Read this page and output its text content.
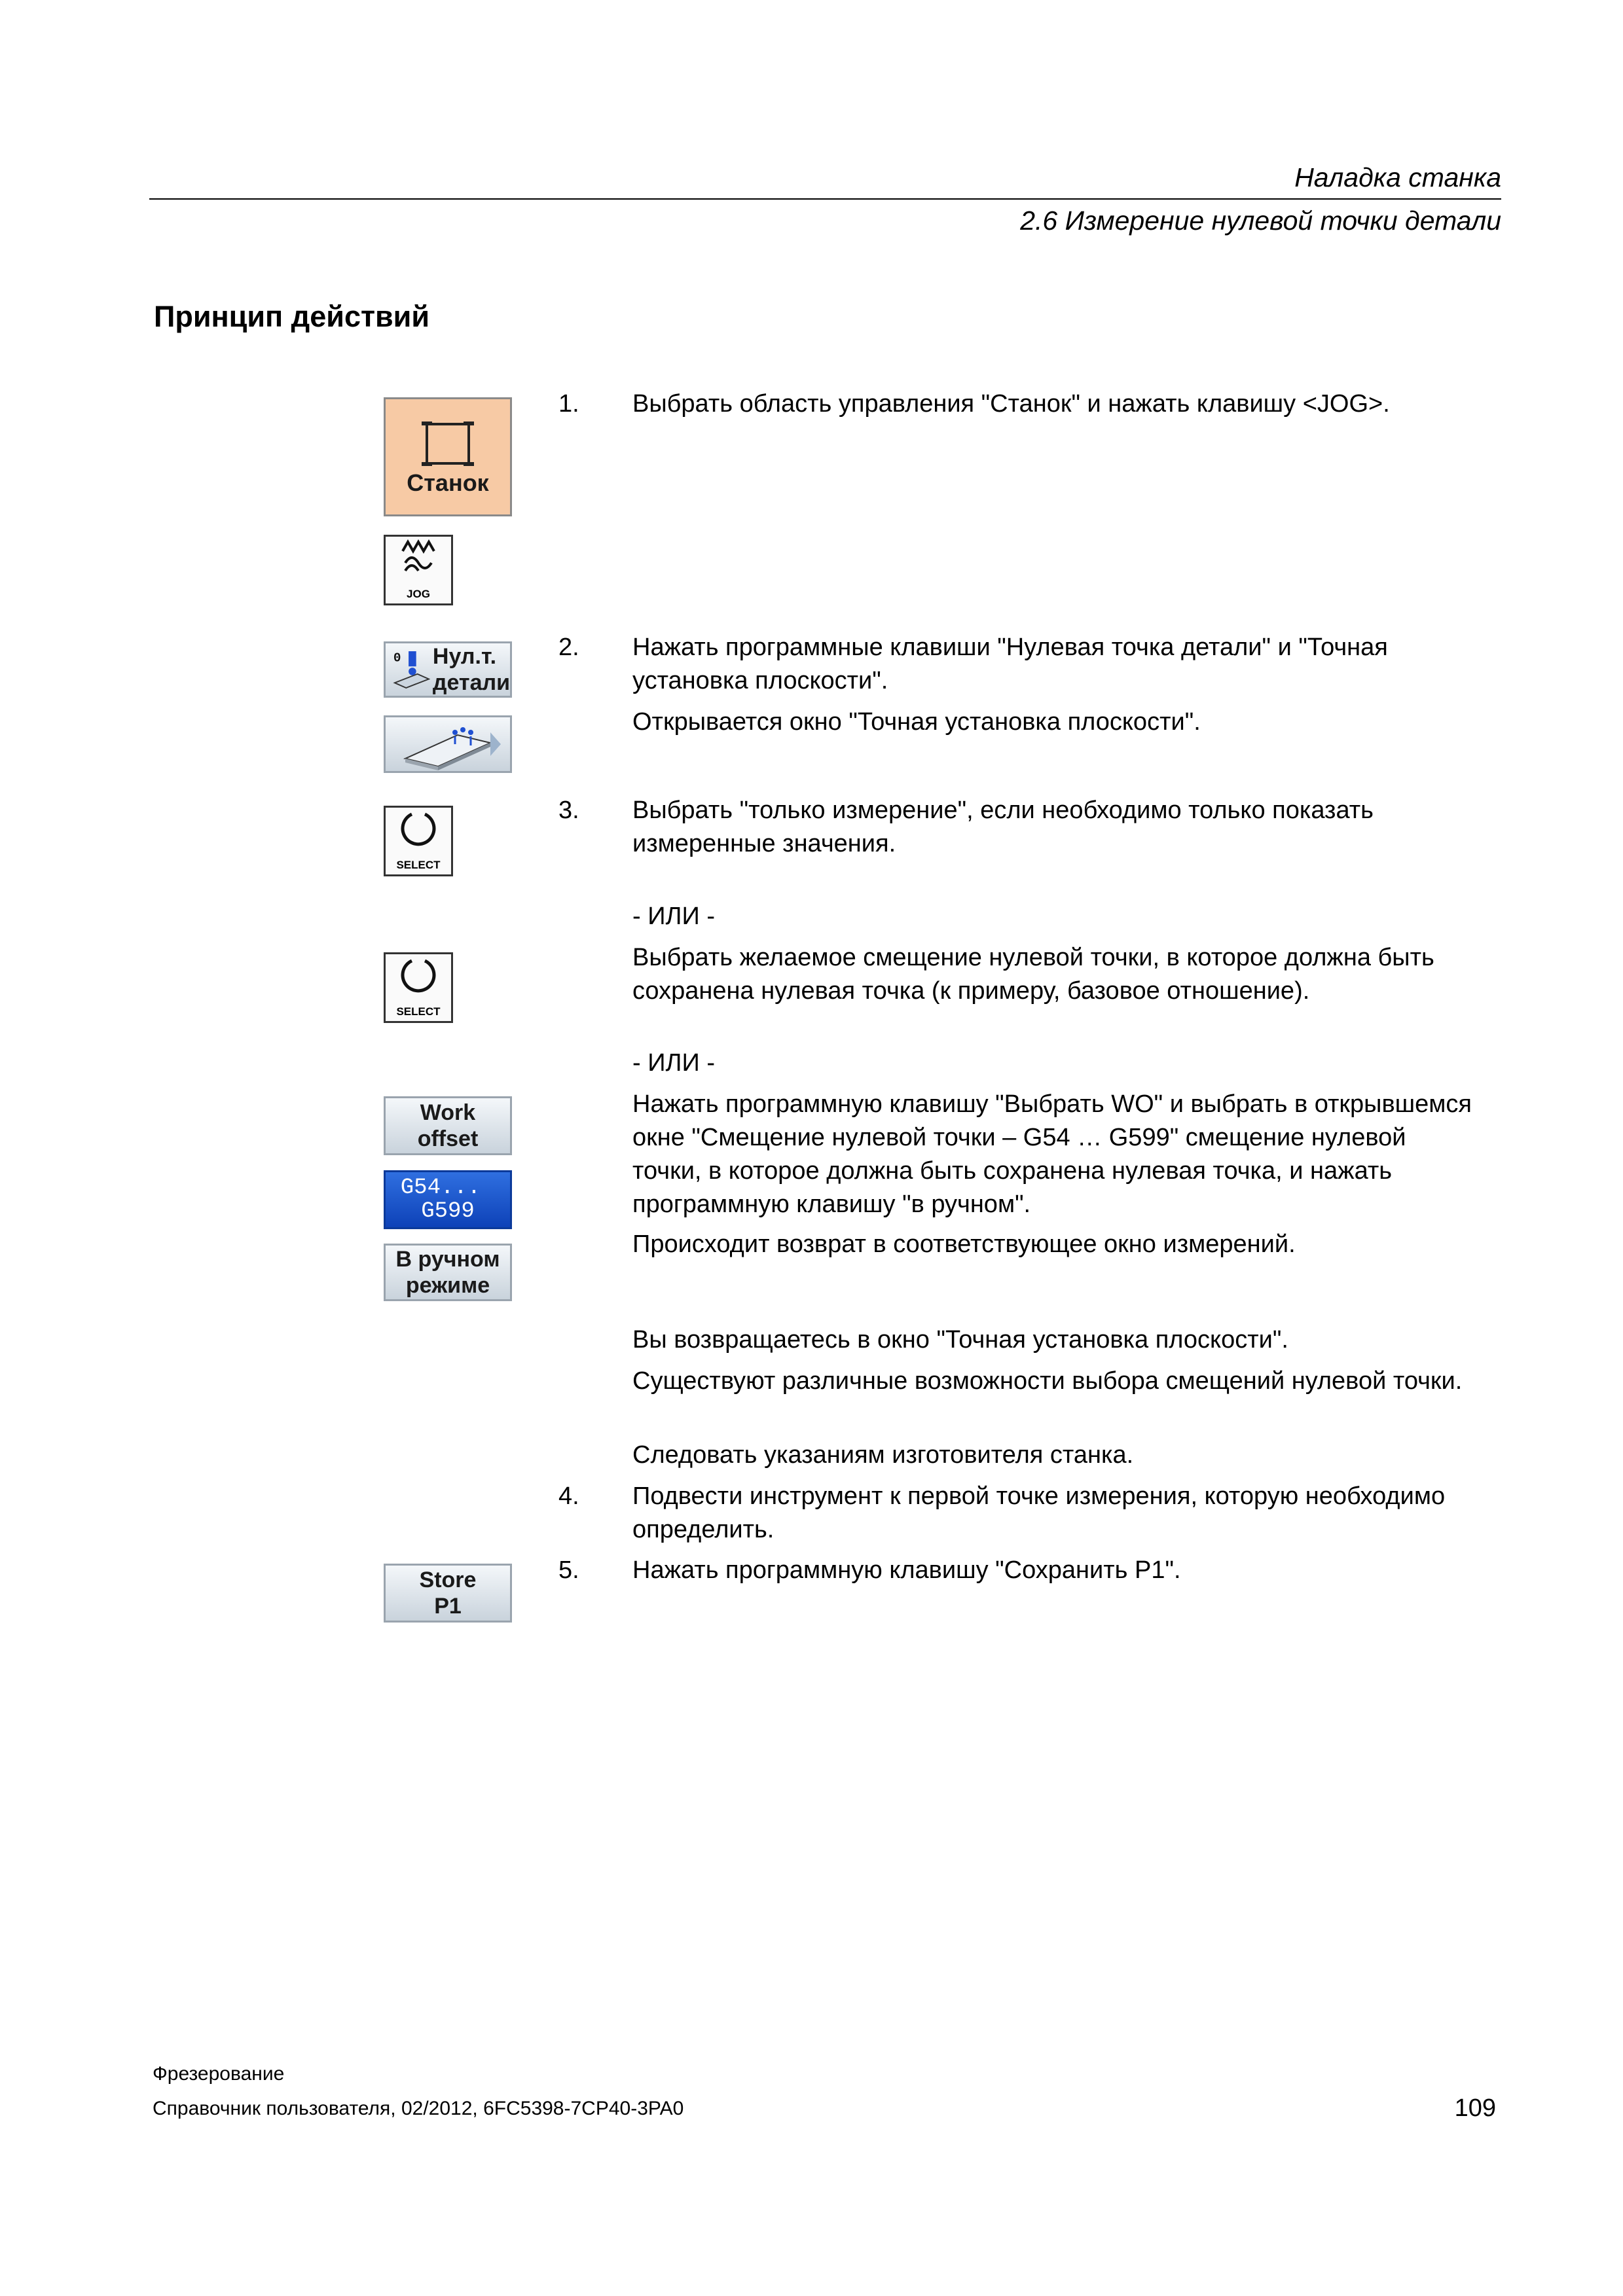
Наладка станка
2.6 Измерение нулевой точки детали
Принцип действий
Станок
JOG
0 Нул.т.
детали
SELECT
SELECT
Work
offset
G54...
G599
В ручном
режиме
Store
P1
1. Выбрать область управления "Станок" и нажать клавишу <JOG>.
2. Нажать программные клавиши "Нулевая точка детали" и "Точная установка плоскости".
Открывается окно "Точная установка плоскости".
3. Выбрать "только измерение", если необходимо только показать измеренные значения.
- ИЛИ -
Выбрать желаемое смещение нулевой точки, в которое должна быть сохранена нулевая точка (к примеру, базовое отношение).
- ИЛИ -
Нажать программную клавишу "Выбрать WO" и выбрать в открывшемся окне "Смещение нулевой точки – G54 … G599" смещение нулевой точки, в которое должна быть сохранена нулевая точка, и нажать программную клавишу "в ручном".
Происходит возврат в соответствующее окно измерений.
Вы возвращаетесь в окно "Точная установка плоскости".
Существуют различные возможности выбора смещений нулевой точки.
Следовать указаниям изготовителя станка.
4. Подвести инструмент к первой точке измерения, которую необходимо определить.
5. Нажать программную клавишу "Сохранить Р1".
Фрезерование
Справочник пользователя, 02/2012, 6FC5398-7CP40-3PA0	109
